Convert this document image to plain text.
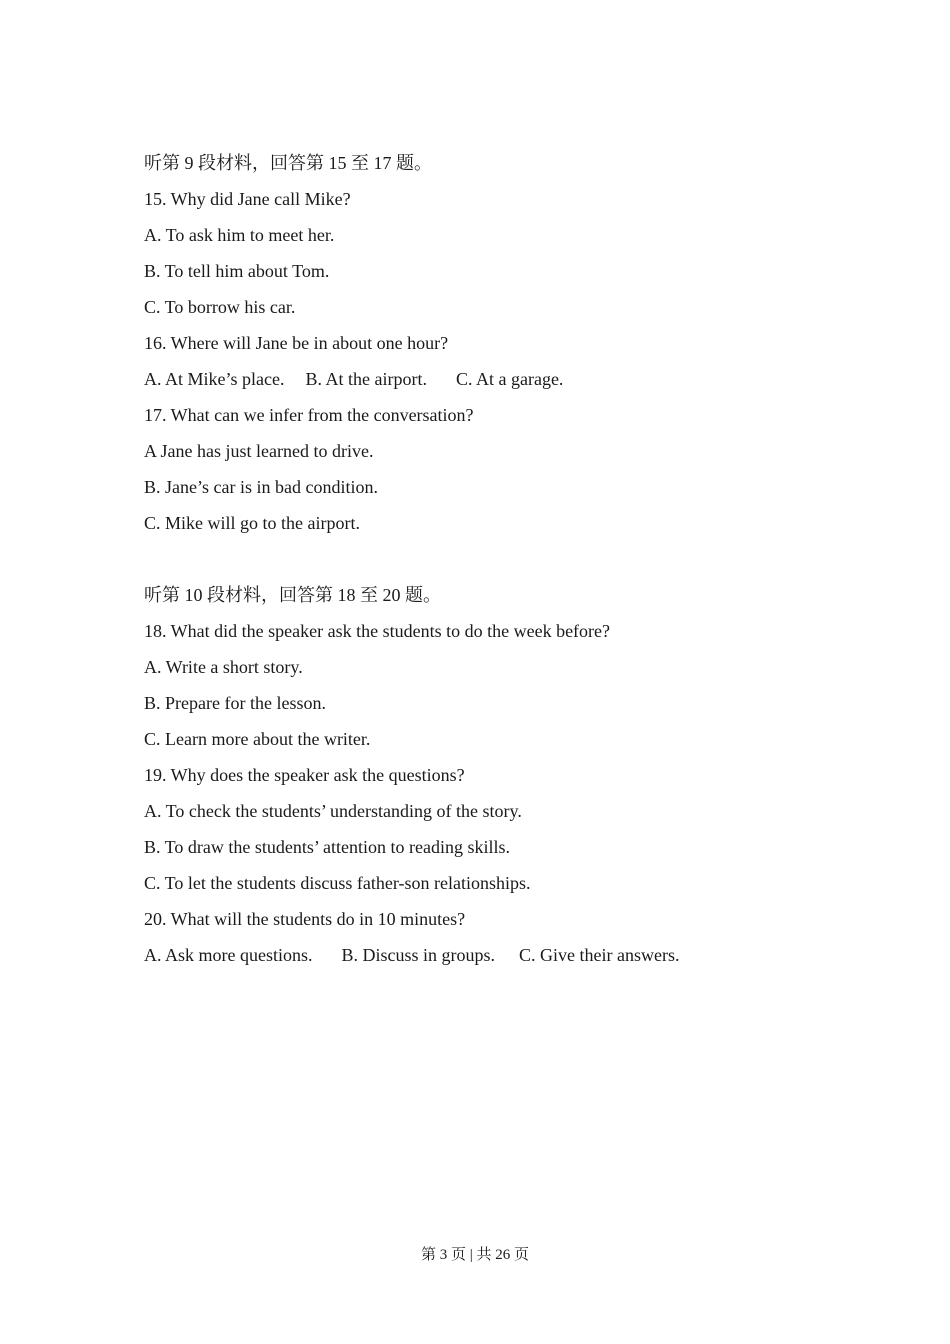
听第 9 段材料，回答第 15 至 17 题。
15. Why did Jane call Mike?
A. To ask him to meet her.
B. To tell him about Tom.
C. To borrow his car.
16. Where will Jane be in about one hour?
A. At Mike’s place. B. At the airport. C. At a garage.
17. What can we infer from the conversation?
A Jane has just learned to drive.
B. Jane’s car is in bad condition.
C. Mike will go to the airport.
听第 10 段材料，回答第 18 至 20 题。
18. What did the speaker ask the students to do the week before?
A. Write a short story.
B. Prepare for the lesson.
C. Learn more about the writer.
19. Why does the speaker ask the questions?
A. To check the students’ understanding of the story.
B. To draw the students’ attention to reading skills.
C. To let the students discuss father-son relationships.
20. What will the students do in 10 minutes?
A. Ask more questions. B. Discuss in groups. C. Give their answers.
第 3 页 | 共 26 页
